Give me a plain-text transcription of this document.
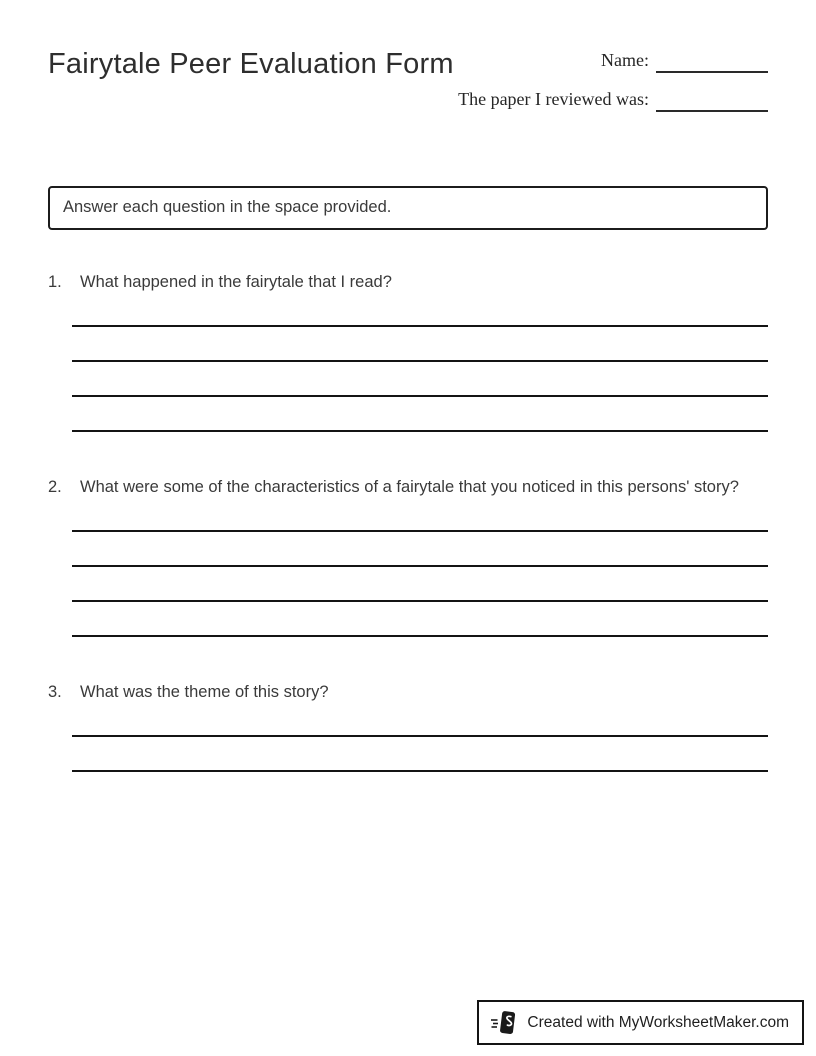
Fairytale Peer Evaluation Form	Name:
The paper I reviewed was:
Answer each question in the space provided.
1.	What happened in the fairytale that I read?
2.	What were some of the characteristics of a fairytale that you noticed in this persons' story?
3.	What was the theme of this story?
Created with MyWorksheetMaker.com
